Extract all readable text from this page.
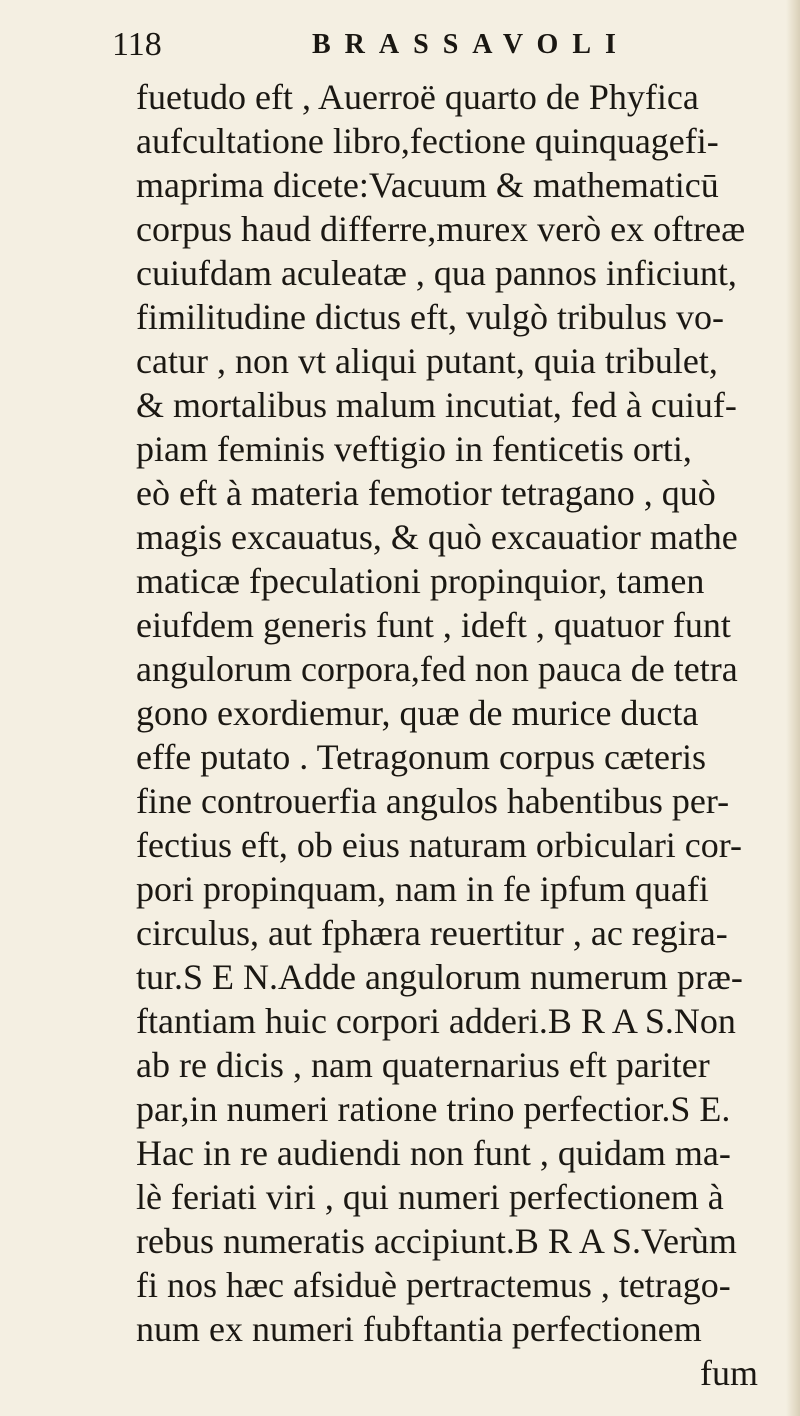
118	BRASSAVOLI
fuetudo eft , Auerroë quarto de Phyfica
aufcultatione libro,fectione quinquagefi-
maprima dicete:Vacuum & mathematicū
corpus haud differre,murex verò ex oftreæ
cuiufdam aculeatæ , qua pannos inficiunt,
fimilitudine dictus eft, vulgò tribulus vo-
catur , non vt aliqui putant, quia tribulet,
& mortalibus malum incutiat, fed à cuiuf-
piam feminis veftigio in fenticetis orti,
eò eft à materia femotior tetragano , quò
magis excauatus, & quò excauatior mathe
maticæ fpeculationi propinquior, tamen
eiufdem generis funt , ideft , quatuor funt
angulorum corpora,fed non pauca de tetra
gono exordiemur, quæ de murice ducta
effe putato . Tetragonum corpus cæteris
fine controuerfia angulos habentibus per-
fectius eft, ob eius naturam orbiculari cor-
pori propinquam, nam in fe ipfum quafi
circulus, aut fphæra reuertitur , ac regira-
tur.S E N.Adde angulorum numerum præ-
ftantiam huic corpori adderi.B R A S.Non
ab re dicis , nam quaternarius eft pariter
par,in numeri ratione trino perfectior.S E.
Hac in re audiendi non funt , quidam ma-
lè feriati viri , qui numeri perfectionem à
rebus numeratis accipiunt.B R A S.Verùm
fi nos hæc afsiduè pertractemus , tetrago-
num ex numeri fubftantia perfectionem
fum
